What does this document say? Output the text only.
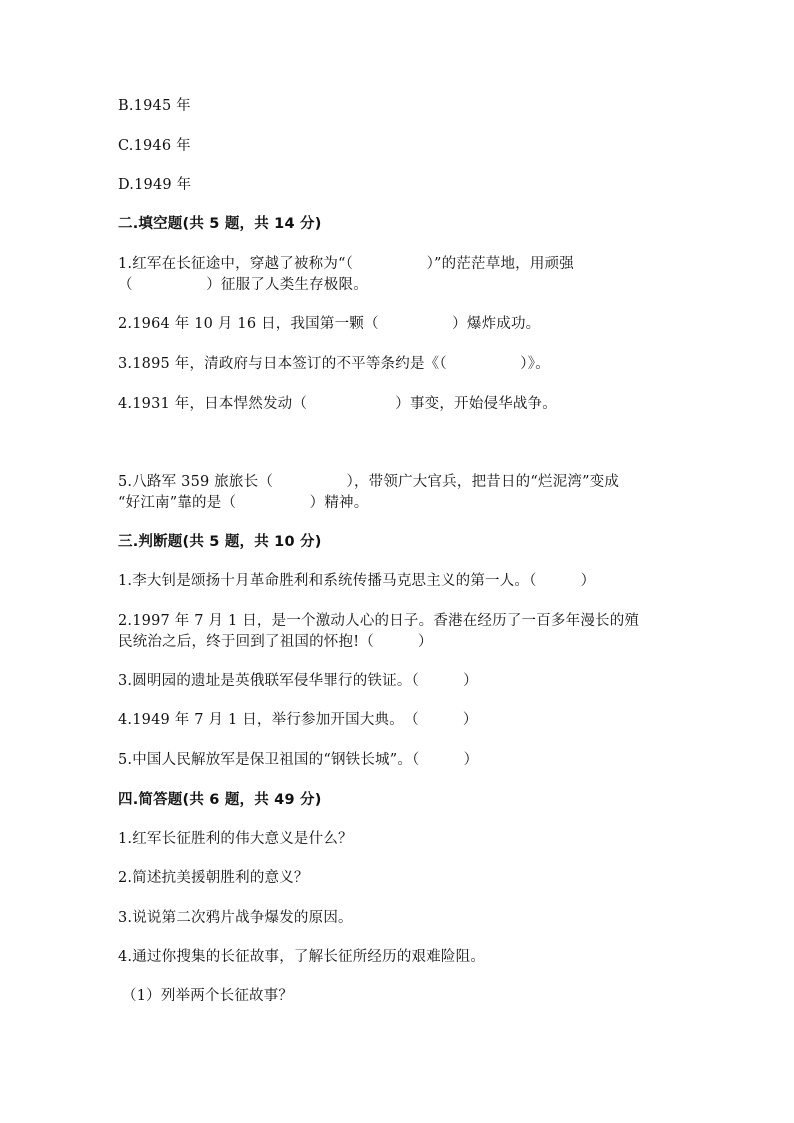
B.1945 年
C.1946 年
D.1949 年
二.填空题(共 5 题，共 14 分)
1.红军在长征途中，穿越了被称为“（　　　　　）”的茫茫草地，用顽强
（　　　　　）征服了人类生存极限。
2.1964 年 10 月 16 日，我国第一颗（　　　　　）爆炸成功。
3.1895 年，清政府与日本签订的不平等条约是《（　　　　　）》。
4.1931 年，日本悍然发动（　　　　　　）事变，开始侵华战争。
5.八路军 359 旅旅长（　　　　　），带领广大官兵，把昔日的“烂泥湾”变成
“好江南”靠的是（　　　　　）精神。
三.判断题(共 5 题，共 10 分)
1.李大钊是颂扬十月革命胜利和系统传播马克思主义的第一人。（　　　）
2.1997 年 7 月 1 日，是一个激动人心的日子。香港在经历了一百多年漫长的殖
民统治之后，终于回到了祖国的怀抱!（　　　）
3.圆明园的遗址是英俄联军侵华罪行的铁证。（　　　）
4.1949 年 7 月 1 日，举行参加开国大典。　（　　　）
5.中国人民解放军是保卫祖国的“钢铁长城”。（　　　）
四.简答题(共 6 题，共 49 分)
1.红军长征胜利的伟大意义是什么？
2.简述抗美援朝胜利的意义？
3.说说第二次鸦片战争爆发的原因。
4.通过你搜集的长征故事，了解长征所经历的艰难险阻。
（1）列举两个长征故事？
